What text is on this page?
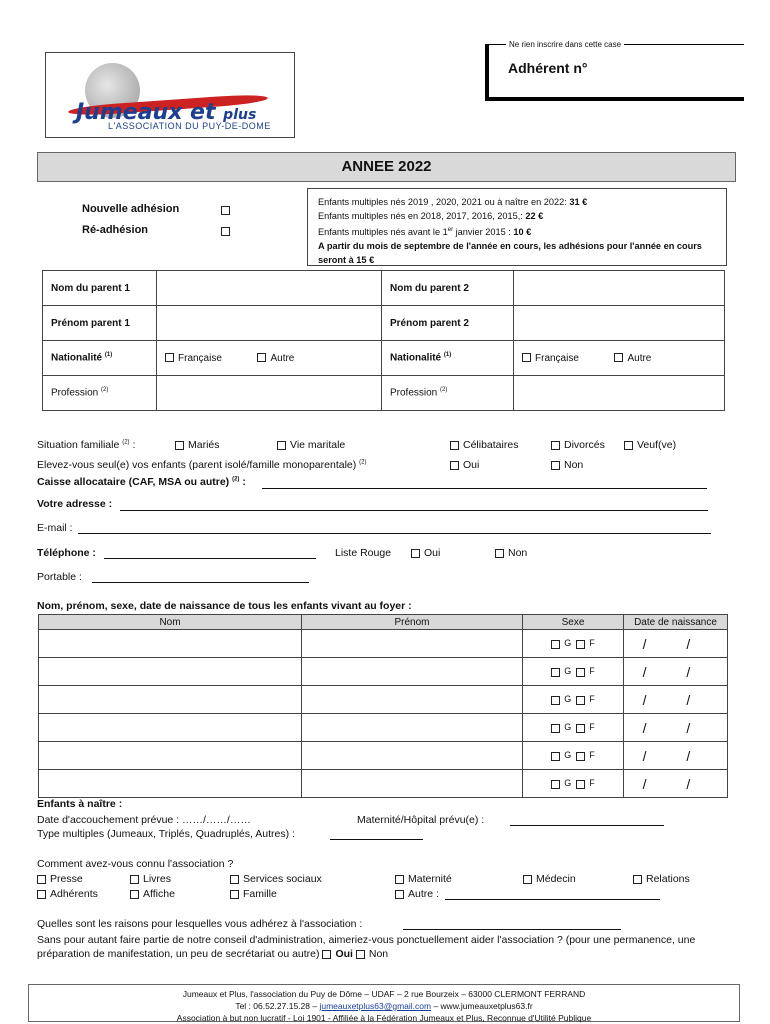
Jumeaux et plus
L'ASSOCIATION DU PUY-DE-DOME
Ne rien inscrire dans cette case
Adhérent n°
ANNEE 2022
Nouvelle adhésion
Ré-adhésion
Enfants multiples nés 2019 , 2020, 2021 ou à naître en 2022: 31 €
Enfants multiples nés en 2018, 2017, 2016, 2015,: 22 €
Enfants multiples nés avant le 1er janvier 2015 : 10 €
A partir du mois de septembre de l'année en cours, les adhésions pour l'année en cours seront à 15 €
Nom du parent 1		Nom du parent 2	
Prénom parent 1		Prénom parent 2	
Nationalité $^{(1)}$	Française Autre	Nationalité $^{(1)}$	Française Autre
Profession $^{(2)}$		Profession $^{(2)}$	
Situation familiale $^{(2)}$ :	Mariés	Vie maritale	Célibataires	Divorcés	Veuf(ve)
Elevez-vous seul(e) vos enfants (parent isolé/famille monoparentale) $^{(2)}$	Oui	Non
Caisse allocataire (CAF, MSA ou autre) $^{(2)}$ :
Votre adresse :
E-mail :
Téléphone :	Liste Rouge	Oui	Non
Portable :
Nom, prénom, sexe, date de naissance de tous les enfants vivant au foyer :
Nom	Prénom	Sexe	Date de naissance
		G F	/ /
		G F	/ /
		G F	/ /
		G F	/ /
		G F	/ /
		G F	/ /
Enfants à naître :
Date d'accouchement prévue : ……/……/……	Maternité/Hôpital prévu(e) :
Type multiples (Jumeaux, Triplés, Quadruplés, Autres) :
Comment avez-vous connu l'association ?
Presse	Livres	Services sociaux	Maternité	Médecin	Relations
Adhérents	Affiche	Famille	Autre :
Quelles sont les raisons pour lesquelles vous adhérez à l'association :
Sans pour autant faire partie de notre conseil d'administration, aimeriez-vous ponctuellement aider l'association ? (pour une permanence, une préparation de manifestation, un peu de secrétariat ou autre) Oui Non
Jumeaux et Plus, l'association du Puy de Dôme – UDAF – 2 rue Bourzeix – 63000 CLERMONT FERRAND
Tel : 06.52.27.15.28 – jumeauxetplus63@gmail.com – www.jumeauxetplus63.fr
Association à but non lucratif - Loi 1901 - Affiliée à la Fédération Jumeaux et Plus, Reconnue d'Utilité Publique
